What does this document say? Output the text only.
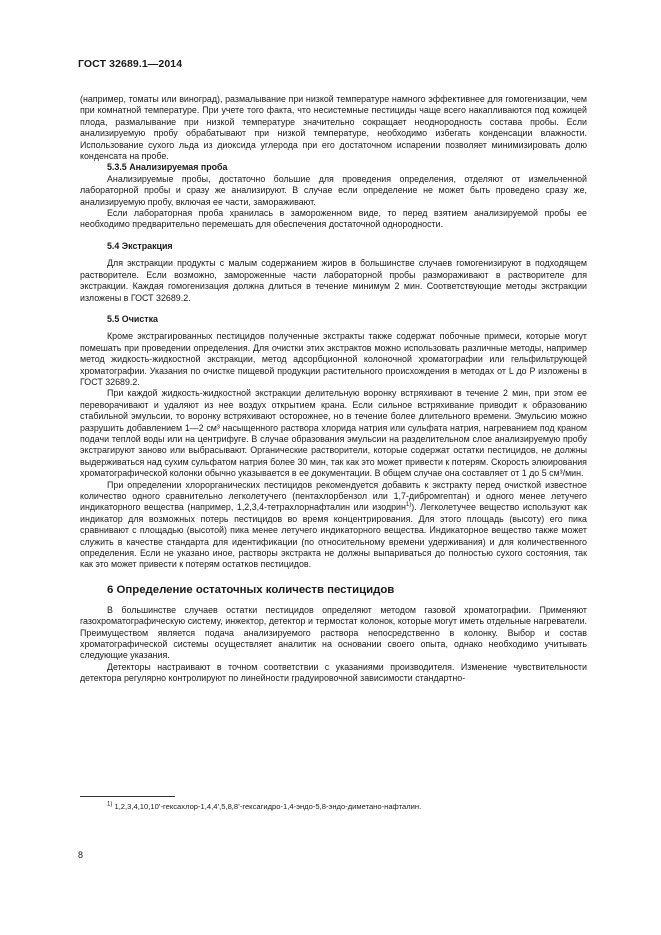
ГОСТ 32689.1—2014

(например, томаты или виноград), размалывание при низкой температуре намного эффективнее для гомогенизации, чем при комнатной температуре. При учете того факта, что несистемные пестициды чаще всего накапливаются под кожицей плода, размалывание при низкой температуре значительно сокращает неоднородность состава пробы. Если анализируемую пробу обрабатывают при низкой температуре, необходимо избегать конденсации влажности. Использование сухого льда из диоксида углерода при его достаточном испарении позволяет минимизировать долю конденсата на пробе.

5.3.5 Анализируемая проба

Анализируемые пробы, достаточно большие для проведения определения, отделяют от измельченной лабораторной пробы и сразу же анализируют. В случае если определение не может быть проведено сразу же, анализируемую пробу, включая ее части, замораживают.

Если лабораторная проба хранилась в замороженном виде, то перед взятием анализируемой пробы ее необходимо предварительно перемешать для обеспечения достаточной однородности.

5.4 Экстракция

Для экстракции продукты с малым содержанием жиров в большинстве случаев гомогенизируют в подходящем растворителе. Если возможно, замороженные части лабораторной пробы размораживают в растворителе для экстракции. Каждая гомогенизация должна длиться в течение минимум 2 мин. Соответствующие методы экстракции изложены в ГОСТ 32689.2.

5.5 Очистка

Кроме экстрагированных пестицидов полученные экстракты также содержат побочные примеси, которые могут помешать при проведении определения. Для очистки этих экстрактов можно использовать различные методы, например метод жидкость-жидкостной экстракции, метод адсорбционной колоночной хроматографии или гельфильтрующей хроматографии. Указания по очистке пищевой продукции растительного происхождения в методах от L до P изложены в ГОСТ 32689.2.

При каждой жидкость-жидкостной экстракции делительную воронку встряхивают в течение 2 мин, при этом ее переворачивают и удаляют из нее воздух открытием крана. Если сильное встряхивание приводит к образованию стабильной эмульсии, то воронку встряхивают осторожнее, но в течение более длительного времени. Эмульсию можно разрушить добавлением 1—2 см³ насыщенного раствора хлорида натрия или сульфата натрия, нагреванием под краном подачи теплой воды или на центрифуге. В случае образования эмульсии на разделительном слое анализируемую пробу экстрагируют заново или выбрасывают. Органические растворители, которые содержат остатки пестицидов, не должны выдерживаться над сухим сульфатом натрия более 30 мин, так как это может привести к потерям. Скорость элюирования хроматографической колонки обычно указывается в ее документации. В общем случае она составляет от 1 до 5 см³/мин.

При определении хлорорганических пестицидов рекомендуется добавить к экстракту перед очисткой известное количество одного сравнительно легколетучего (пентахлорбензол или 1,7-дибромгептан) и одного менее летучего индикаторного вещества (например, 1,2,3,4-тетрахлорнафталин или изодрин$^{1)}$). Легколетучее вещество используют как индикатор для возможных потерь пестицидов во время концентрирования. Для этого площадь (высоту) его пика сравнивают с площадью (высотой) пика менее летучего индикаторного вещества. Индикаторное вещество также может служить в качестве стандарта для идентификации (по относительному времени удерживания) и для количественного определения. Если не указано иное, растворы экстракта не должны выпариваться до полностью сухого состояния, так как это может привести к потерям остатков пестицидов.

6 Определение остаточных количеств пестицидов

В большинстве случаев остатки пестицидов определяют методом газовой хроматографии. Применяют газохроматографическую систему, инжектор, детектор и термостат колонок, которые могут иметь отдельные нагреватели. Преимуществом является подача анализируемого раствора непосредственно в колонку. Выбор и состав хроматографической системы осуществляет аналитик на основании своего опыта, однако необходимо учитывать следующие указания.

Детекторы настраивают в точном соответствии с указаниями производителя. Изменение чувствительности детектора регулярно контролируют по линейности градуировочной зависимости стандартно-

$^{1)}$ 1,2,3,4,10,10’-гексахлор-1,4,4’,5,8,8’-гексагидро-1,4-эндо-5,8-эндо-диметано-нафталин.
8
